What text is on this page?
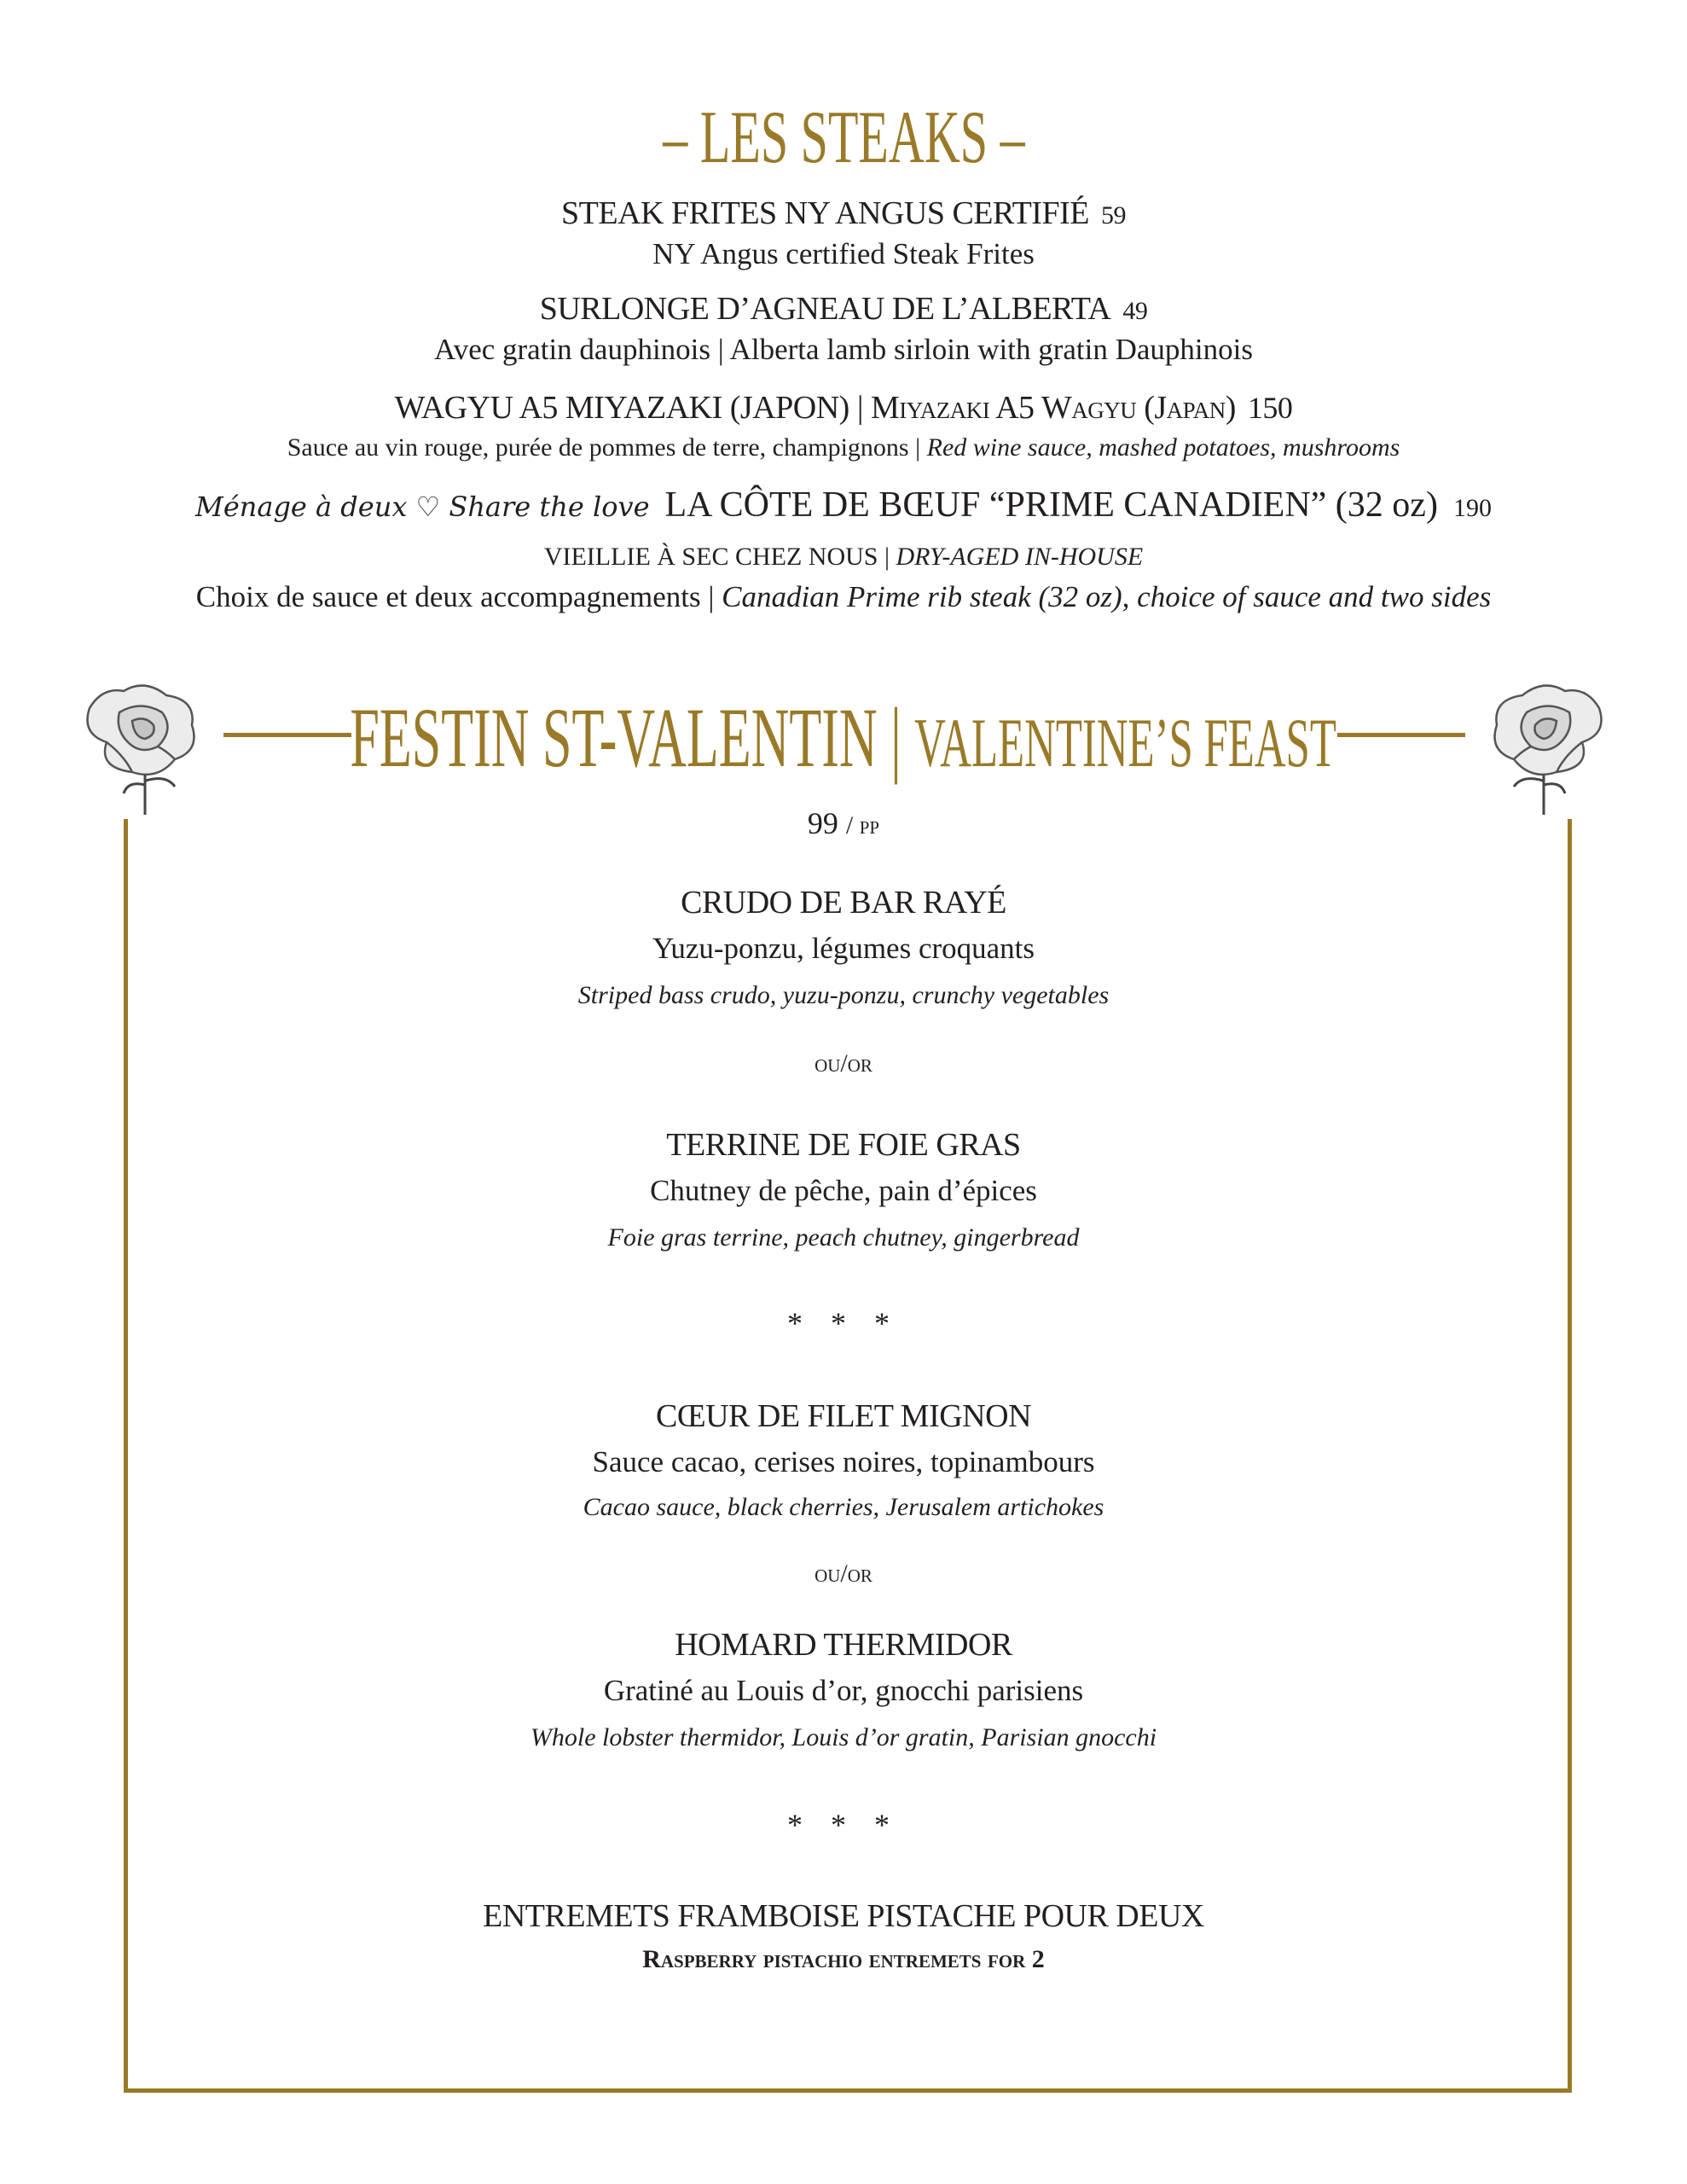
– LES STEAKS –
STEAK FRITES NY ANGUS CERTIFIÉ 59
NY Angus certified Steak Frites
SURLONGE D’AGNEAU DE L’ALBERTA 49
Avec gratin dauphinois | Alberta lamb sirloin with gratin Dauphinois
WAGYU A5 MIYAZAKI (JAPON) | Miyazaki A5 Wagyu (Japan) 150
Sauce au vin rouge, purée de pommes de terre, champignons | Red wine sauce, mashed potatoes, mushrooms
Ménage à deux ♡ Share the love LA CÔTE DE BŒUF “PRIME CANADIEN” (32 oz) 190
VIEILLIE À SEC CHEZ NOUS | DRY-AGED IN-HOUSE
Choix de sauce et deux accompagnements | Canadian Prime rib steak (32 oz), choice of sauce and two sides
FESTIN ST-VALENTIN | VALENTINE’S FEAST
99 / pp
CRUDO DE BAR RAYÉ
Yuzu-ponzu, légumes croquants
Striped bass crudo, yuzu-ponzu, crunchy vegetables
ou/or
TERRINE DE FOIE GRAS
Chutney de pêche, pain d’épices
Foie gras terrine, peach chutney, gingerbread
* * *
CŒUR DE FILET MIGNON
Sauce cacao, cerises noires, topinambours
Cacao sauce, black cherries, Jerusalem artichokes
ou/or
HOMARD THERMIDOR
Gratiné au Louis d’or, gnocchi parisiens
Whole lobster thermidor, Louis d’or gratin, Parisian gnocchi
* * *
ENTREMETS FRAMBOISE PISTACHE POUR DEUX
Raspberry pistachio entremets for 2
